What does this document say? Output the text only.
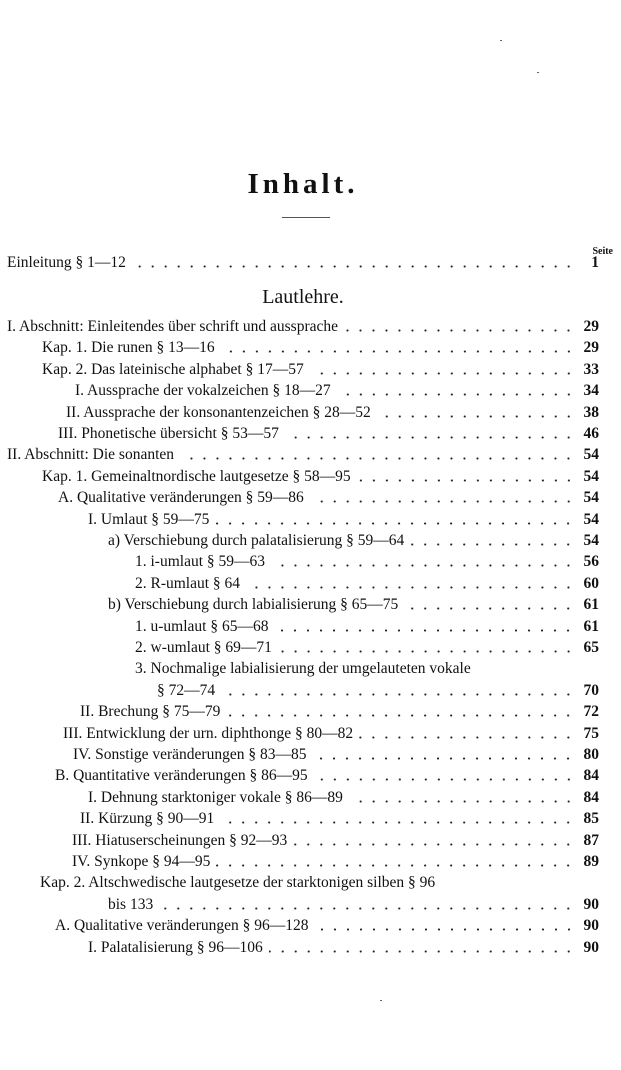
Inhalt.
Seite
Einleitung § 1—12	1
Lautlehre.
I. Abschnitt: Einleitendes über schrift und aussprache	29
Kap. 1. Die runen § 13—16	29
Kap. 2. Das lateinische alphabet § 17—57	33
I. Aussprache der vokalzeichen § 18—27	34
II. Aussprache der konsonantenzeichen § 28—52	38
III. Phonetische übersicht § 53—57	46
II. Abschnitt: Die sonanten	54
Kap. 1. Gemeinaltnordische lautgesetze § 58—95	54
A. Qualitative veränderungen § 59—86	54
I. Umlaut § 59—75	54
a) Verschiebung durch palatalisierung § 59—64	54
1. i-umlaut § 59—63	56
2. R-umlaut § 64	60
b) Verschiebung durch labialisierung § 65—75	61
1. u-umlaut § 65—68	61
2. w-umlaut § 69—71	65
3. Nochmalige labialisierung der umgelauteten vokale
§ 72—74	70
II. Brechung § 75—79	72
III. Entwicklung der urn. diphthonge § 80—82	75
IV. Sonstige veränderungen § 83—85	80
B. Quantitative veränderungen § 86—95	84
I. Dehnung starktoniger vokale § 86—89	84
II. Kürzung § 90—91	85
III. Hiatuserscheinungen § 92—93	87
IV. Synkope § 94—95	89
Kap. 2. Altschwedische lautgesetze der starktonigen silben § 96
bis 133	90
A. Qualitative veränderungen § 96—128	90
I. Palatalisierung § 96—106	90
